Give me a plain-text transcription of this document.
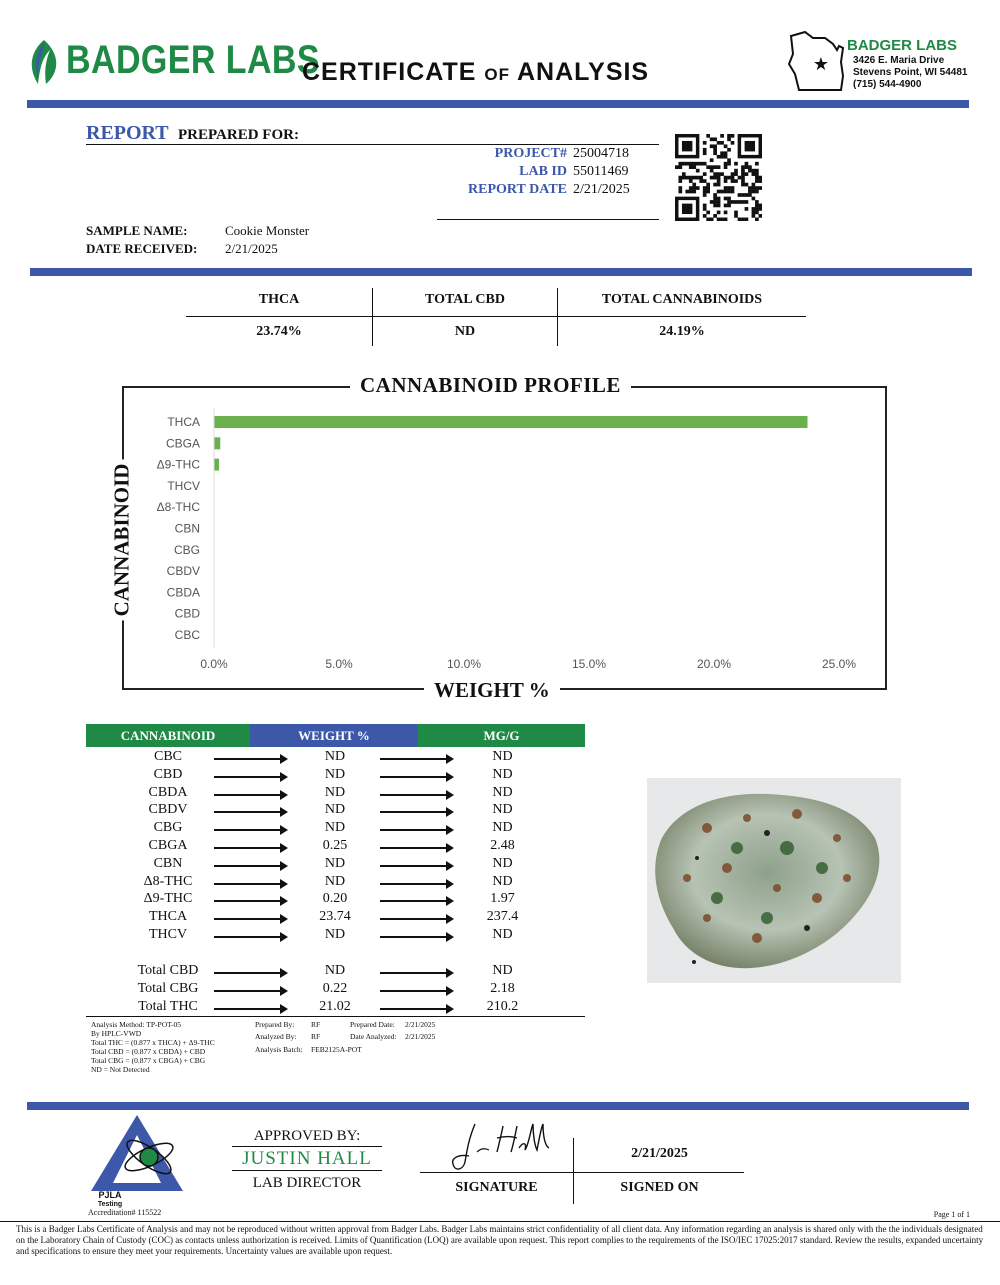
BADGER LABS
CERTIFICATE OF ANALYSIS	★
BADGER LABS
3426 E. Maria Drive
Stevens Point, WI 54481
(715) 544-4900
REPORT PREPARED FOR:
PROJECT# 25004718
LAB ID 55011469
REPORT DATE 2/21/2025
SAMPLE NAME:	Cookie Monster
DATE RECEIVED: 2/21/2025
THCA	TOTAL CBD	TOTAL CANNABINOIDS
23.74%	ND	24.19%
THCA
CBGA
Δ9-THC
THCV
Δ8-THC
CBN
CBG
CBDV
CBDA
CBD
CBC
0.0%	5.0%	10.0%	15.0%	20.0%	25.0%
CANNABINOID PROFILE
WEIGHT %
CANNABINOID
CANNABINOID	WEIGHT %	MG/G
CBC	ND	ND
CBD	ND	ND
CBDA	ND	ND
CBDV	ND	ND
CBG	ND	ND
CBGA	0.25	2.48
CBN	ND	ND
Δ8-THC	ND	ND
Δ9-THC	0.20	1.97
THCA	23.74	237.4
THCV	ND	ND
Total CBD	ND	ND
Total CBG	0.22	2.18
Total THC	21.02	210.2
Analysis Method: TP-POT-05
By HPLC-VWD
Total THC = (0.877 x THCA) + Δ9-THC
Total CBD = (0.877 x CBDA) + CBD
Total CBG = (0.877 x CBGA) + CBG
ND = Not Detected
Prepared By: RF
Analyzed By: RF
Analysis Batch: FEB2125A-POT
Prepared Date: 2/21/2025
Date Analyzed: 2/21/2025
PJLA
Testing
Accreditation# 115522
APPROVED BY:
JUSTIN HALL
LAB DIRECTOR
2/21/2025
SIGNATURE	SIGNED ON
Page 1 of 1
This is a Badger Labs Certificate of Analysis and may not be reproduced without written approval from Badger Labs. Badger Labs maintains strict confidentiality of all client data. Any information regarding an analysis is shared only with the the individuals designated on the Laboratory Chain of Custody (COC) as contacts unless authorization is received. Limits of Quantification (LOQ) are available upon request. This report complies to the requirements of the ISO/IEC 17025:2017 standard. Review the results, expanded uncertainty and specifications to ensure they meet your requirements. Uncertainty values are available upon request.
